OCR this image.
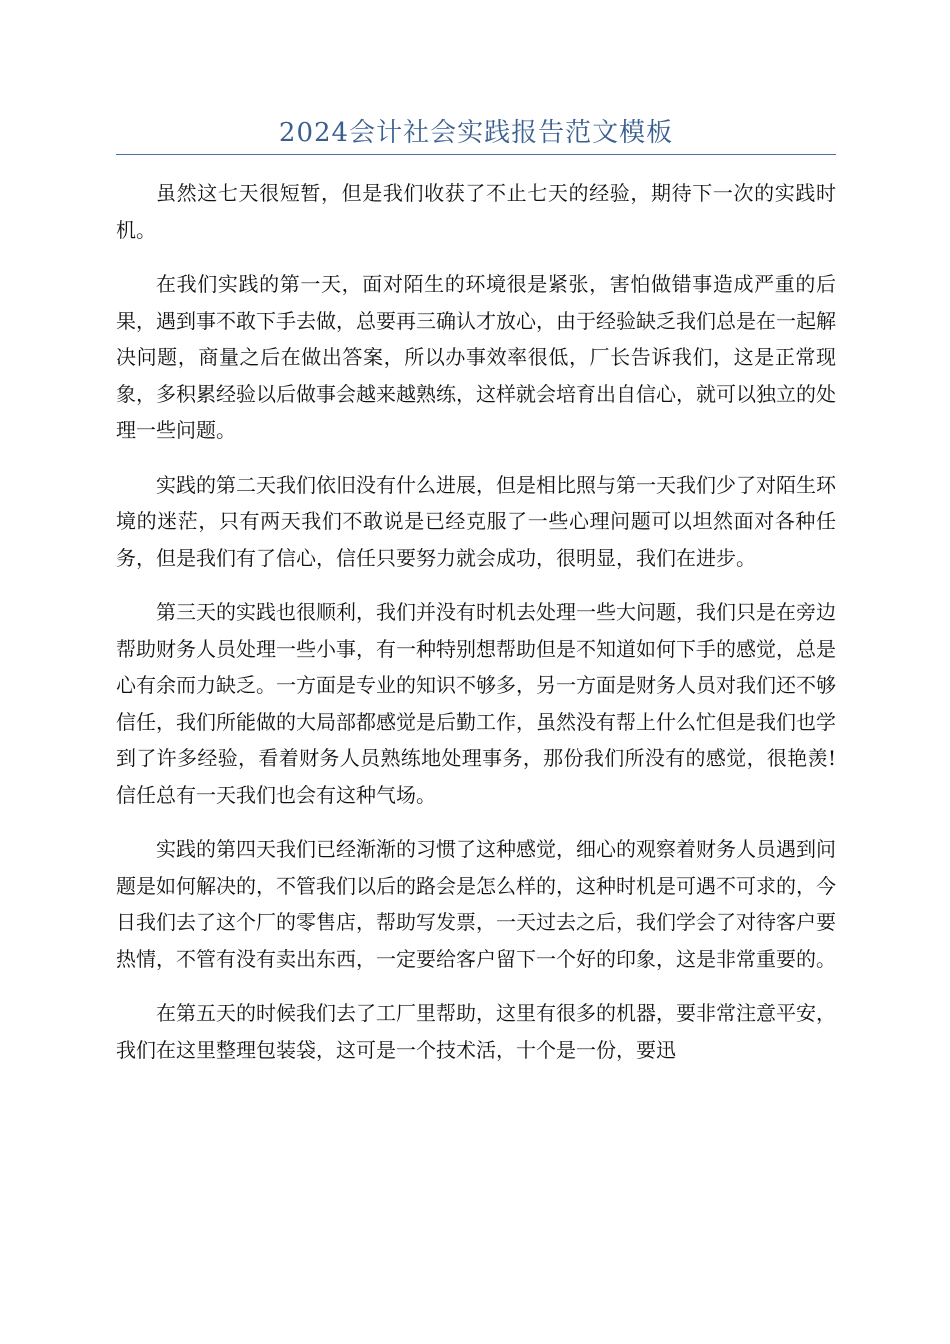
2024会计社会实践报告范文模板

虽然这七天很短暂，但是我们收获了不止七天的经验，期待下一次的实践时机。

在我们实践的第一天，面对陌生的环境很是紧张，害怕做错事造成严重的后果，遇到事不敢下手去做，总要再三确认才放心，由于经验缺乏我们总是在一起解决问题，商量之后在做出答案，所以办事效率很低，厂长告诉我们，这是正常现象，多积累经验以后做事会越来越熟练，这样就会培育出自信心，就可以独立的处理一些问题。

实践的第二天我们依旧没有什么进展，但是相比照与第一天我们少了对陌生环境的迷茫，只有两天我们不敢说是已经克服了一些心理问题可以坦然面对各种任务，但是我们有了信心，信任只要努力就会成功，很明显，我们在进步。

第三天的实践也很顺利，我们并没有时机去处理一些大问题，我们只是在旁边帮助财务人员处理一些小事，有一种特别想帮助但是不知道如何下手的感觉，总是心有余而力缺乏。一方面是专业的知识不够多，另一方面是财务人员对我们还不够信任，我们所能做的大局部都感觉是后勤工作，虽然没有帮上什么忙但是我们也学到了许多经验，看着财务人员熟练地处理事务，那份我们所没有的感觉，很艳羡!信任总有一天我们也会有这种气场。

实践的第四天我们已经渐渐的习惯了这种感觉，细心的观察着财务人员遇到问题是如何解决的，不管我们以后的路会是怎么样的，这种时机是可遇不可求的，今日我们去了这个厂的零售店，帮助写发票，一天过去之后，我们学会了对待客户要热情，不管有没有卖出东西，一定要给客户留下一个好的印象，这是非常重要的。

在第五天的时候我们去了工厂里帮助，这里有很多的机器，要非常注意平安，我们在这里整理包装袋，这可是一个技术活，十个是一份，要迅
